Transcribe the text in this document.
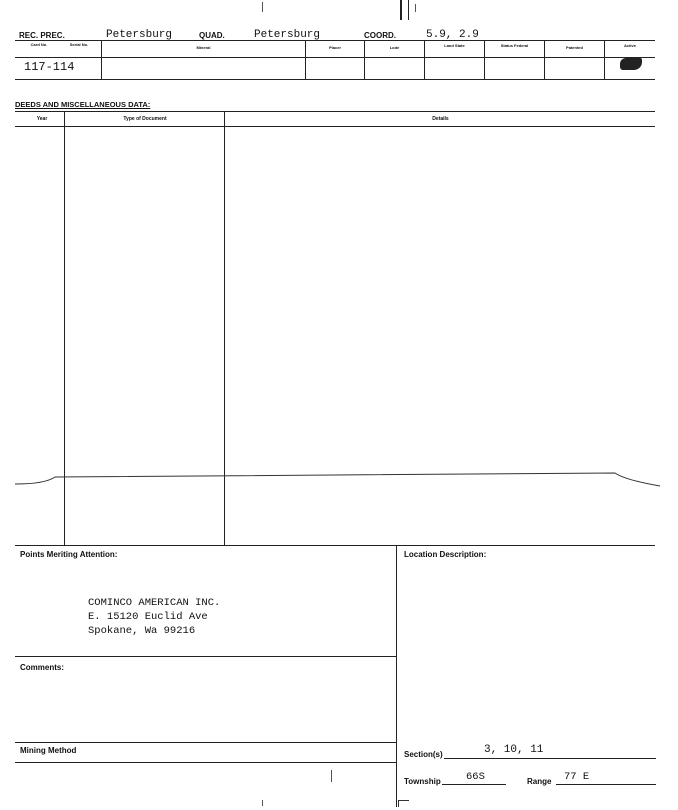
REC. PREC.	Petersburg	QUAD.	Petersburg	COORD.	5.9, 2.9
Card No.	Serial No.
Mineral	Placer	Lode	Land State	Status Federal	Patented	Active
117-114
DEEDS AND MISCELLANEOUS DATA:
Year	Type of Document	Details
Points Meriting Attention:
COMINCO AMERICAN INC.
E. 15120 Euclid Ave
Spokane, Wa 99216
Location Description:
Comments:
Mining Method	Section(s)	3, 10, 11
Township 66S	Range 77 E
